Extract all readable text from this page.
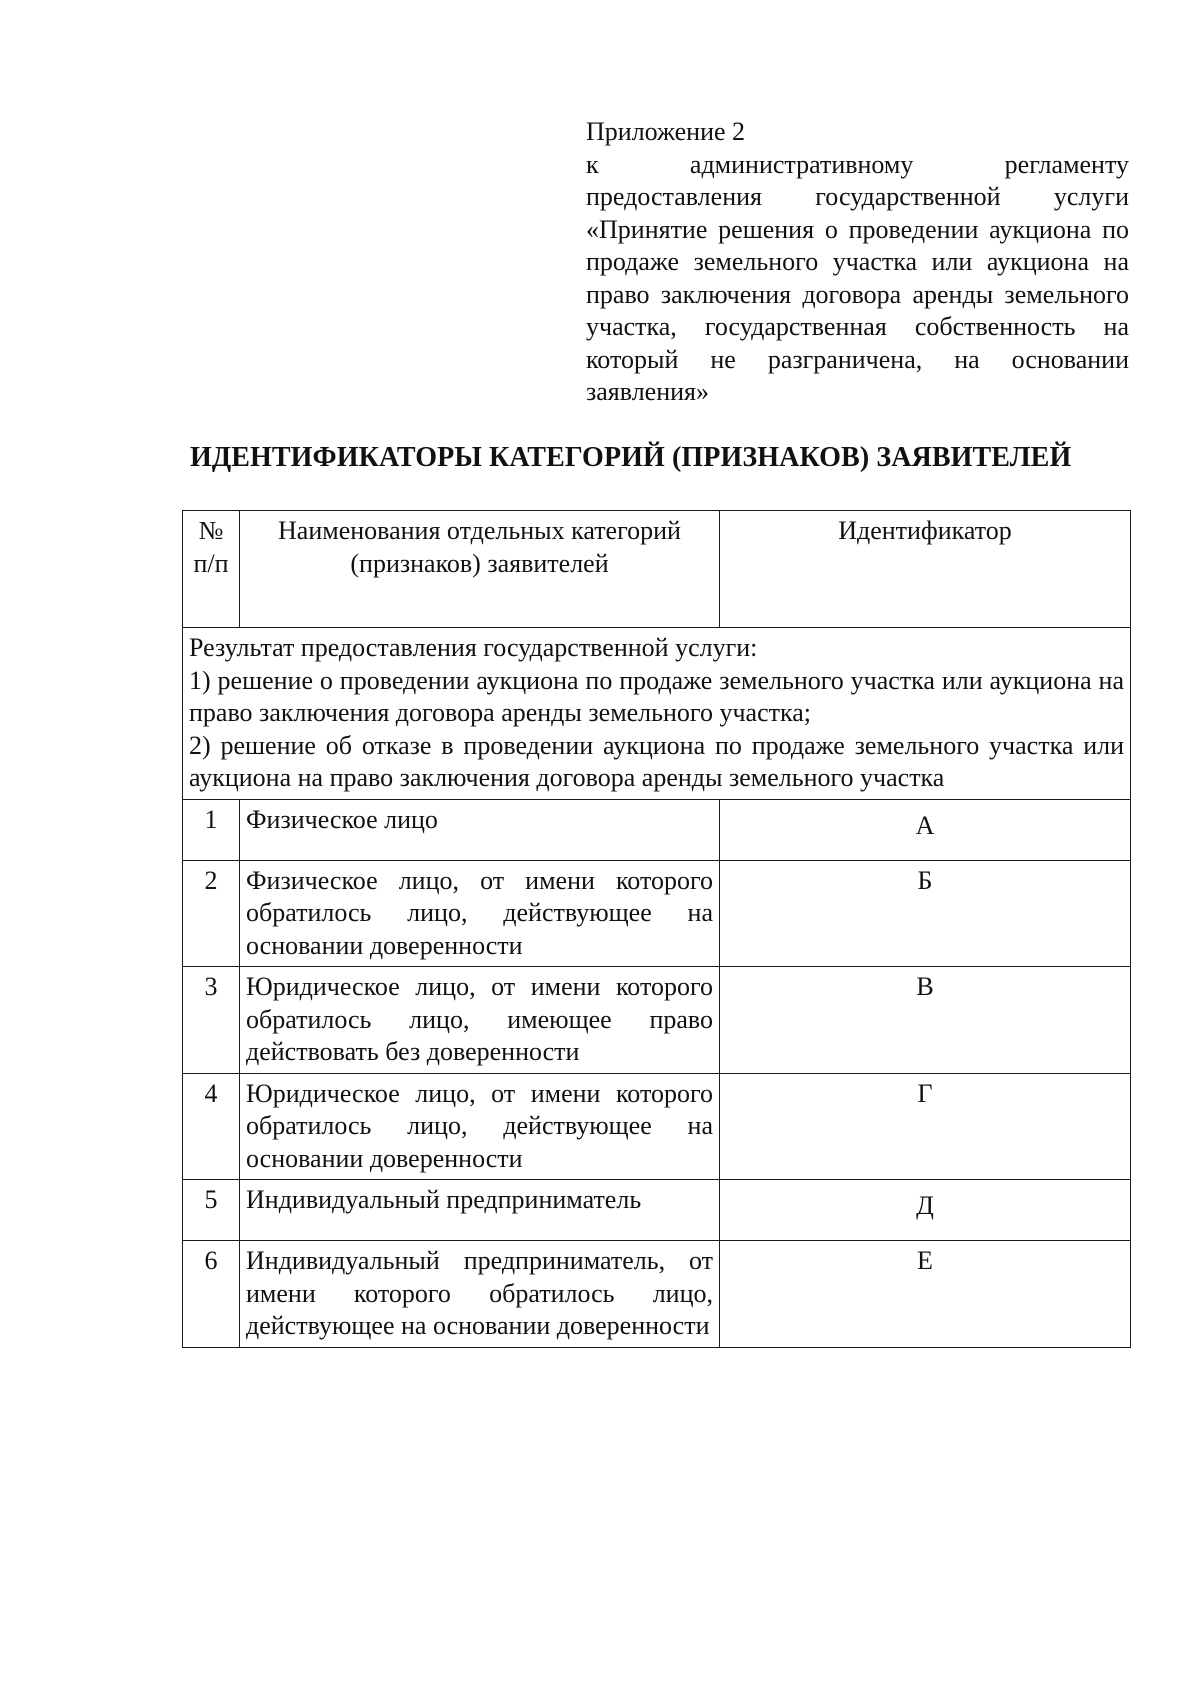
Приложение 2
к административному регламенту предоставления государственной услуги «Принятие решения о проведении аукциона по продаже земельного участка или аукциона на право заключения договора аренды земельного участка, государственная собственность на который не разграничена, на основании заявления»
ИДЕНТИФИКАТОРЫ КАТЕГОРИЙ (ПРИЗНАКОВ) ЗАЯВИТЕЛЕЙ
№ п/п	Наименования отдельных категорий (признаков) заявителей	Идентификатор

Результат предоставления государственной услуги:
1) решение о проведении аукциона по продаже земельного участка или аукциона на право заключения договора аренды земельного участка;
2) решение об отказе в проведении аукциона по продаже земельного участка или аукциона на право заключения договора аренды земельного участка		

1	Физическое лицо	А
2	Физическое лицо, от имени которого обратилось лицо, действующее на основании доверенности	Б
3	Юридическое лицо, от имени которого обратилось лицо, имеющее право действовать без доверенности	В
4	Юридическое лицо, от имени которого обратилось лицо, действующее на основании доверенности	Г
5	Индивидуальный предприниматель	Д
6	Индивидуальный предприниматель, от имени которого обратилось лицо, действующее на основании доверенности	Е
